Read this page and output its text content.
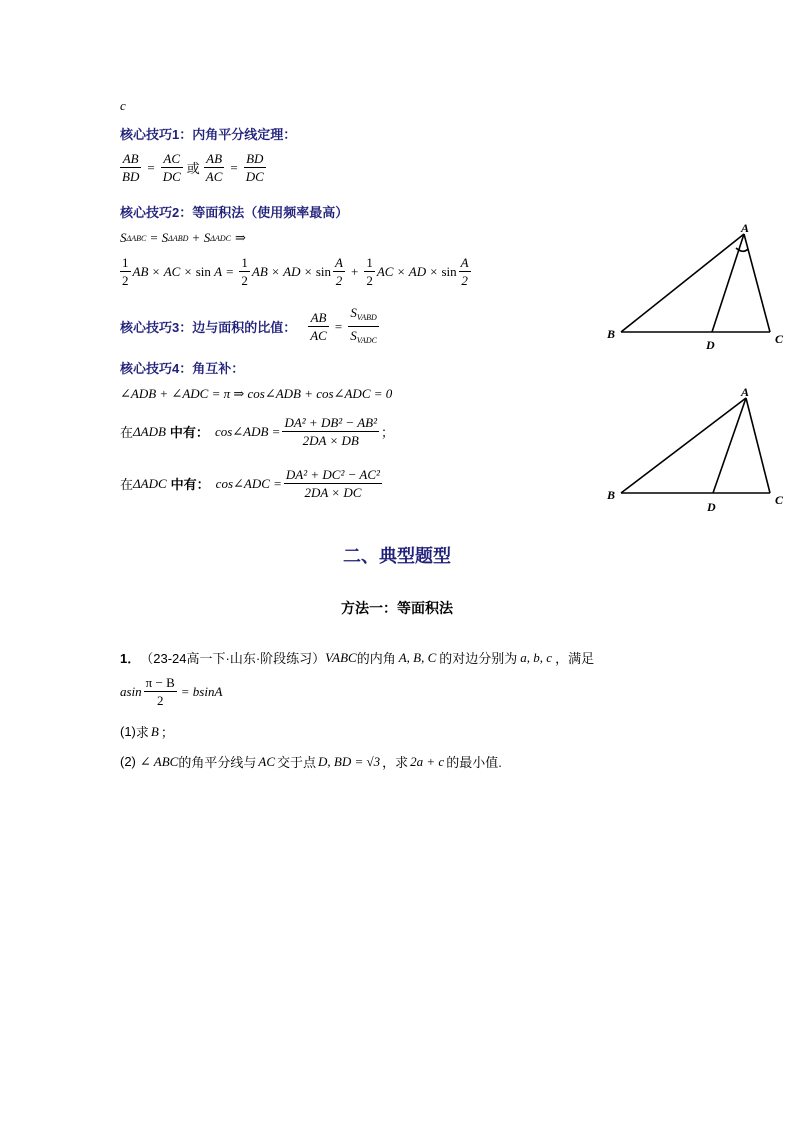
c
核心技巧1：内角平分线定理：
$\frac{AB}{BD} = \frac{AC}{DC}$ 或 $\frac{AB}{AC} = \frac{BD}{DC}$
核心技巧2：等面积法（使用频率最高）
S ΔABC = S ΔABD + S ΔADC ⇒
$\frac{1}{2}$ AB × AC × sin
$A = \frac{1}{2}$ AB × AD × $\sin \frac{A}{2} + \frac{1}{2}$ AC × AD × $\sin \frac{A}{2}$
核心技巧3：边与面积的比值： $\frac{AB}{AC} = \frac{S_{VABD}}{S_{VADC}}$
核心技巧4：角互补：
∠ADB + ∠ADC = π ⇒ cos∠ADB + cos∠ADC = 0
在 ΔADB 中有： cos∠ADB = $\frac{\text{DA² + DB² − AB²}}{2DA \times DB}$ ；
在 ΔADC 中有： cos∠ADC = $\frac{\text{DA² + DC² − AC²}}{2DA \times DC}$
A
B	C
D
A
B	C
D
二、典型题型
方法一：等面积法
1． （23-24高一下·山东·阶段练习） VABC 的内角 A, B, C 的对边分别为 a, b, c ，满足
asin $\frac{\pi - B}{2} = bsinA$
(1) 求 B ；
(2) ∠ ABC 的角平分线与 AC 交于点 D, BD = √3 ，求 2a + c 的最小值.
